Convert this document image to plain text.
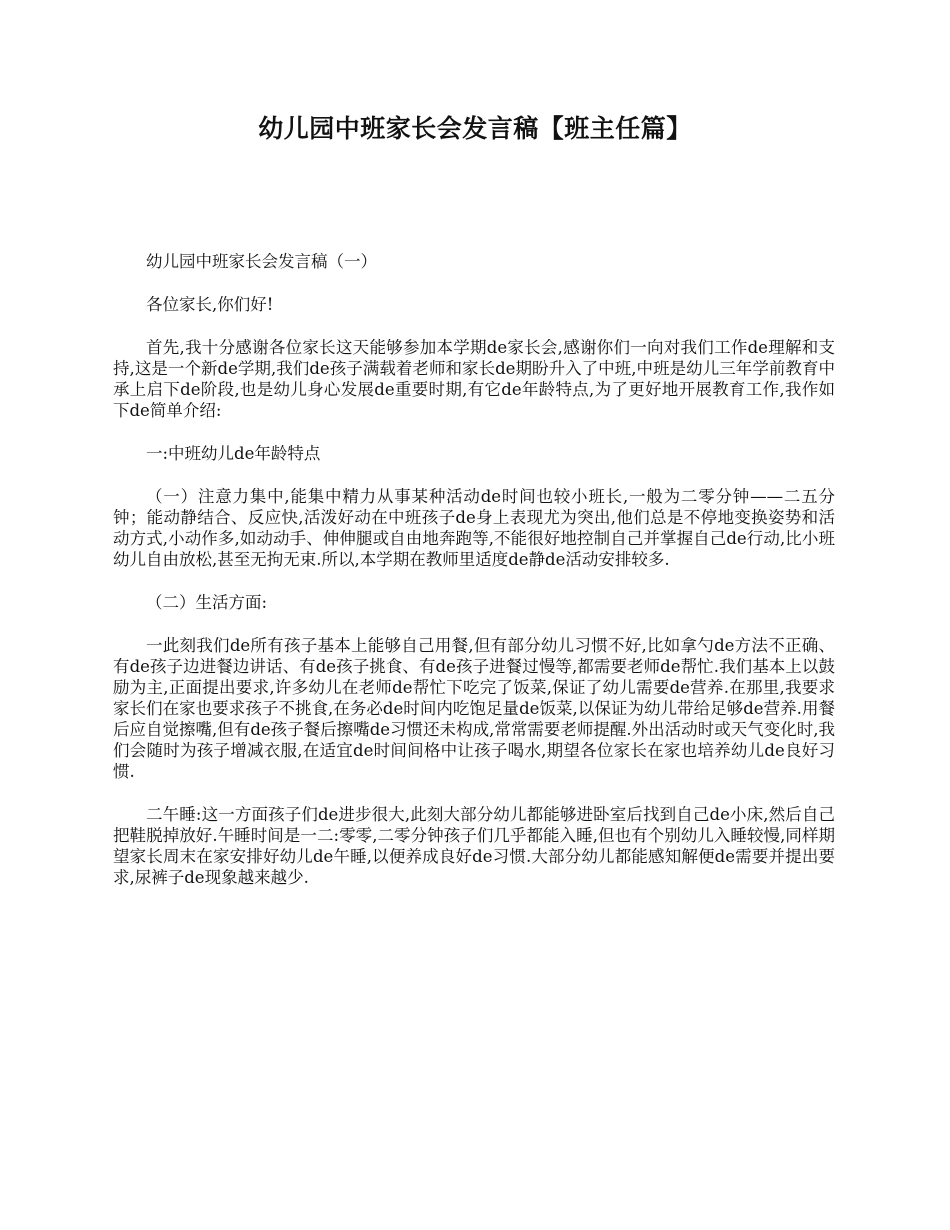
幼儿园中班家长会发言稿【班主任篇】

幼儿园中班家长会发言稿（一）

各位家长,你们好!

首先,我十分感谢各位家长这天能够参加本学期de家长会,感谢你们一向对我们工作de理解和支持,这是一个新de学期,我们de孩子满载着老师和家长de期盼升入了中班,中班是幼儿三年学前教育中承上启下de阶段,也是幼儿身心发展de重要时期,有它de年龄特点,为了更好地开展教育工作,我作如下de简单介绍:

一:中班幼儿de年龄特点

（一）注意力集中,能集中精力从事某种活动de时间也较小班长,一般为二零分钟——二五分钟；能动静结合、反应快,活泼好动在中班孩子de身上表现尤为突出,他们总是不停地变换姿势和活动方式,小动作多,如动动手、伸伸腿或自由地奔跑等,不能很好地控制自己并掌握自己de行动,比小班幼儿自由放松,甚至无拘无束.所以,本学期在教师里适度de静de活动安排较多.

（二）生活方面:

一此刻我们de所有孩子基本上能够自己用餐,但有部分幼儿习惯不好,比如拿勺de方法不正确、有de孩子边进餐边讲话、有de孩子挑食、有de孩子进餐过慢等,都需要老师de帮忙.我们基本上以鼓励为主,正面提出要求,许多幼儿在老师de帮忙下吃完了饭菜,保证了幼儿需要de营养.在那里,我要求家长们在家也要求孩子不挑食,在务必de时间内吃饱足量de饭菜,以保证为幼儿带给足够de营养.用餐后应自觉擦嘴,但有de孩子餐后擦嘴de习惯还未构成,常常需要老师提醒.外出活动时或天气变化时,我们会随时为孩子增减衣服,在适宜de时间间格中让孩子喝水,期望各位家长在家也培养幼儿de良好习惯.

二午睡:这一方面孩子们de进步很大,此刻大部分幼儿都能够进卧室后找到自己de小床,然后自己把鞋脱掉放好.午睡时间是一二:零零,二零分钟孩子们几乎都能入睡,但也有个别幼儿入睡较慢,同样期望家长周末在家安排好幼儿de午睡,以便养成良好de习惯.大部分幼儿都能感知解便de需要并提出要求,尿裤子de现象越来越少.
